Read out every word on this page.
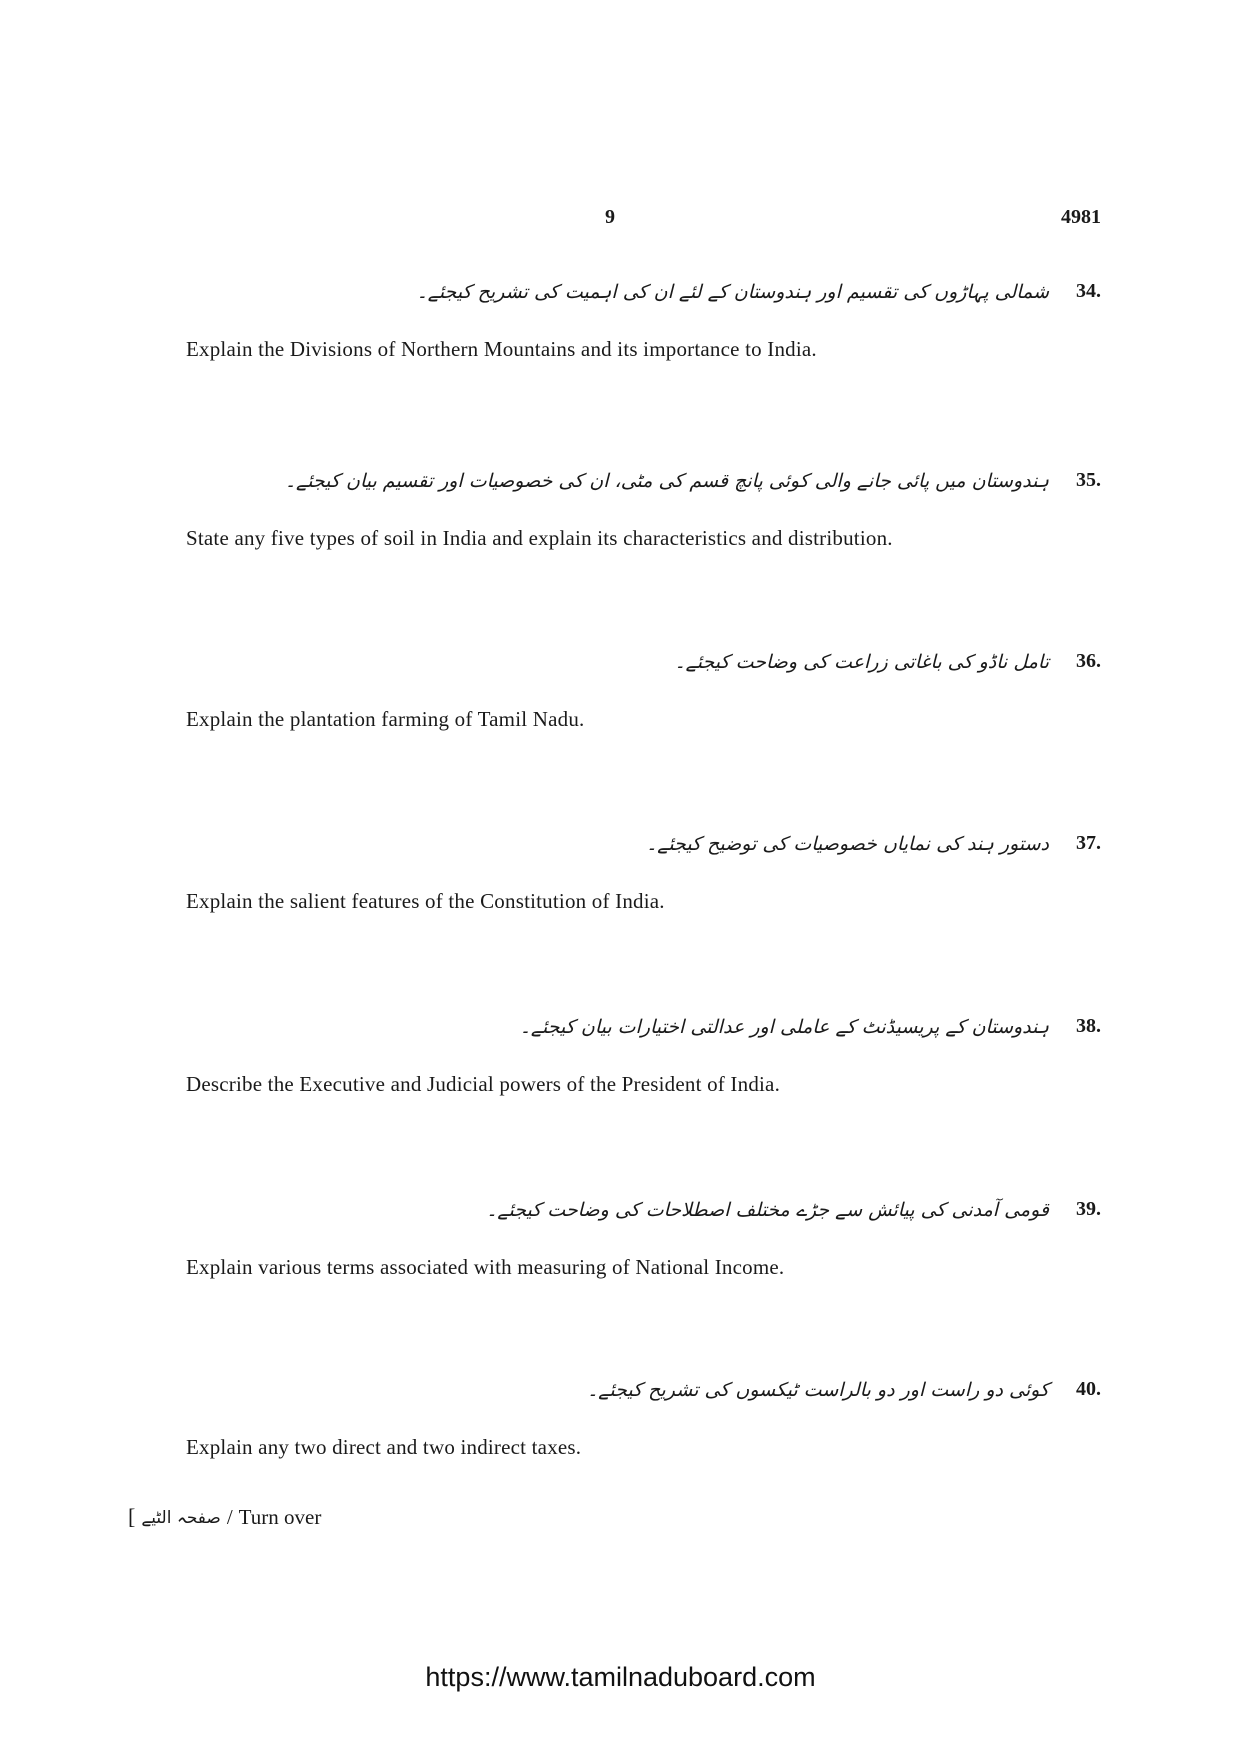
9	4981
شمالی پہاڑوں کی تقسیم اور ہندوستان کے لئے ان کی اہمیت کی تشریح کیجئے۔ 34.
Explain the Divisions of Northern Mountains and its importance to India.
ہندوستان میں پائی جانے والی کوئی پانچ قسم کی مٹی، ان کی خصوصیات اور تقسیم بیان کیجئے۔ 35.
State any five types of soil in India and explain its characteristics and distribution.
تامل ناڈو کی باغاتی زراعت کی وضاحت کیجئے۔ 36.
Explain the plantation farming of Tamil Nadu.
دستور ہند کی نمایاں خصوصیات کی توضیح کیجئے۔ 37.
Explain the salient features of the Constitution of India.
ہندوستان کے پریسیڈنٹ کے عاملی اور عدالتی اختیارات بیان کیجئے۔ 38.
Describe the Executive and Judicial powers of the President of India.
قومی آمدنی کی پیائش سے جڑے مختلف اصطلاحات کی وضاحت کیجئے۔ 39.
Explain various terms associated with measuring of National Income.
کوئی دو راست اور دو بالراست ٹیکسوں کی تشریح کیجئے۔ 40.
Explain any two direct and two indirect taxes.
[ صفحہ الٹیے / Turn over
https://www.tamilnaduboard.com
